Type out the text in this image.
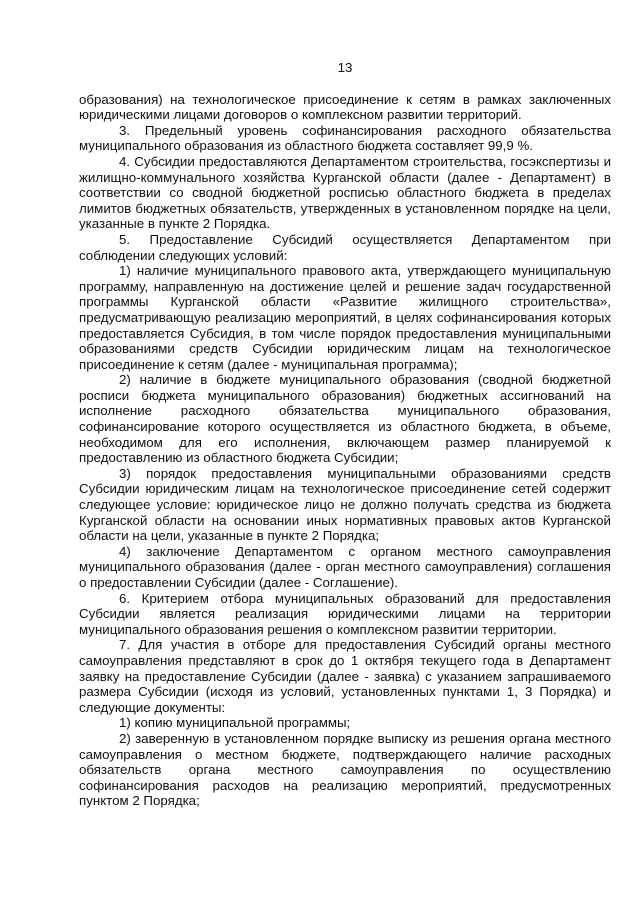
13

образования) на технологическое присоединение к сетям в рамках заключенных юридическими лицами договоров о комплексном развитии территорий.

3. Предельный уровень софинансирования расходного обязательства муниципального образования из областного бюджета составляет 99,9 %.

4. Субсидии предоставляются Департаментом строительства, госэкспертизы и жилищно-коммунального хозяйства Курганской области (далее - Департамент) в соответствии со сводной бюджетной росписью областного бюджета в пределах лимитов бюджетных обязательств, утвержденных в установленном порядке на цели, указанные в пункте 2 Порядка.

5. Предоставление Субсидий осуществляется Департаментом при соблюдении следующих условий:

1) наличие муниципального правового акта, утверждающего муниципальную программу, направленную на достижение целей и решение задач государственной программы Курганской области «Развитие жилищного строительства», предусматривающую реализацию мероприятий, в целях софинансирования которых предоставляется Субсидия, в том числе порядок предоставления муниципальными образованиями средств Субсидии юридическим лицам на технологическое присоединение к сетям (далее - муниципальная программа);

2) наличие в бюджете муниципального образования (сводной бюджетной росписи бюджета муниципального образования) бюджетных ассигнований на исполнение расходного обязательства муниципального образования, софинансирование которого осуществляется из областного бюджета, в объеме, необходимом для его исполнения, включающем размер планируемой к предоставлению из областного бюджета Субсидии;

3) порядок предоставления муниципальными образованиями средств Субсидии юридическим лицам на технологическое присоединение сетей содержит следующее условие: юридическое лицо не должно получать средства из бюджета Курганской области на основании иных нормативных правовых актов Курганской области на цели, указанные в пункте 2 Порядка;

4) заключение Департаментом с органом местного самоуправления муниципального образования (далее - орган местного самоуправления) соглашения о предоставлении Субсидии (далее - Соглашение).

6. Критерием отбора муниципальных образований для предоставления Субсидии является реализация юридическими лицами на территории муниципального образования решения о комплексном развитии территории.

7. Для участия в отборе для предоставления Субсидий органы местного самоуправления представляют в срок до 1 октября текущего года в Департамент заявку на предоставление Субсидии (далее - заявка) с указанием запрашиваемого размера Субсидии (исходя из условий, установленных пунктами 1, 3 Порядка) и следующие документы:

1) копию муниципальной программы;

2) заверенную в установленном порядке выписку из решения органа местного самоуправления о местном бюджете, подтверждающего наличие расходных обязательств органа местного самоуправления по осуществлению софинансирования расходов на реализацию мероприятий, предусмотренных пунктом 2 Порядка;
